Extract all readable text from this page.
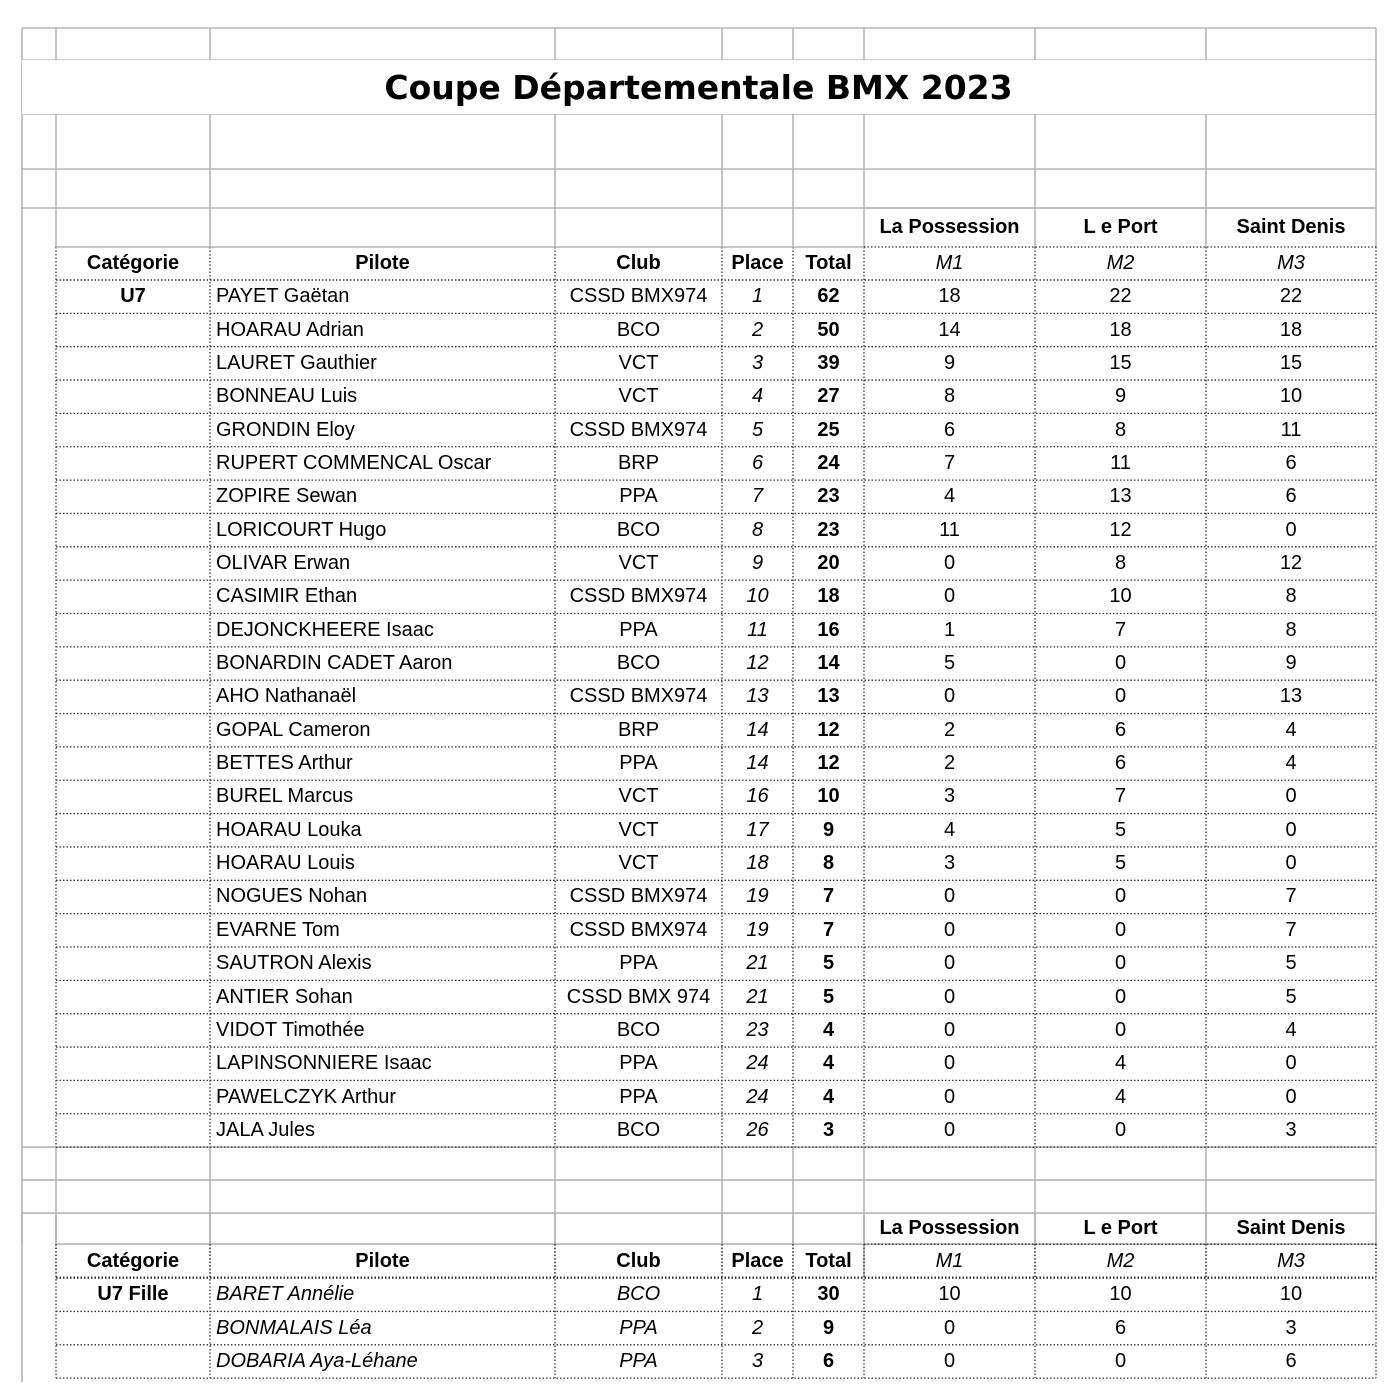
Coupe Départementale BMX 2023
La Possession	L e Port	Saint Denis
Catégorie	Pilote	Club	Place	Total	M1	M2	M3
U7	PAYET Gaëtan	CSSD BMX974	1	62	18	22	22
HOARAU Adrian	BCO	2	50	14	18	18
LAURET Gauthier	VCT	3	39	9	15	15
BONNEAU Luis	VCT	4	27	8	9	10
GRONDIN Eloy	CSSD BMX974	5	25	6	8	11
RUPERT COMMENCAL Oscar	BRP	6	24	7	11	6
ZOPIRE Sewan	PPA	7	23	4	13	6
LORICOURT Hugo	BCO	8	23	11	12	0
OLIVAR Erwan	VCT	9	20	0	8	12
CASIMIR Ethan	CSSD BMX974	10	18	0	10	8
DEJONCKHEERE Isaac	PPA	11	16	1	7	8
BONARDIN CADET Aaron	BCO	12	14	5	0	9
AHO Nathanaël	CSSD BMX974	13	13	0	0	13
GOPAL Cameron	BRP	14	12	2	6	4
BETTES Arthur	PPA	14	12	2	6	4
BUREL Marcus	VCT	16	10	3	7	0
HOARAU Louka	VCT	17	9	4	5	0
HOARAU Louis	VCT	18	8	3	5	0
NOGUES Nohan	CSSD BMX974	19	7	0	0	7
EVARNE Tom	CSSD BMX974	19	7	0	0	7
SAUTRON Alexis	PPA	21	5	0	0	5
ANTIER Sohan	CSSD BMX 974	21	5	0	0	5
VIDOT Timothée	BCO	23	4	0	0	4
LAPINSONNIERE Isaac	PPA	24	4	0	4	0
PAWELCZYK Arthur	PPA	24	4	0	4	0
JALA Jules	BCO	26	3	0	0	3
La Possession	L e Port	Saint Denis
Catégorie	Pilote	Club	Place	Total	M1	M2	M3
U7 Fille	BARET Annélie	BCO	1	30	10	10	10
BONMALAIS Léa	PPA	2	9	0	6	3
DOBARIA Aya-Léhane	PPA	3	6	0	0	6
